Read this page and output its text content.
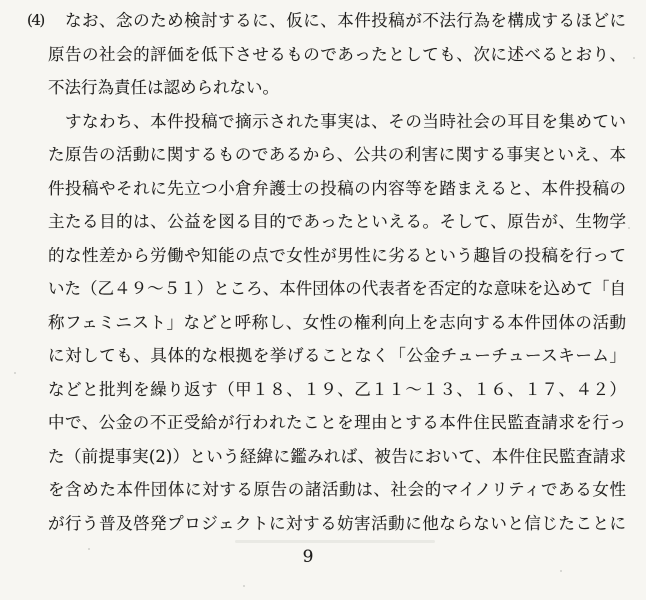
(4) なお、念のため検討するに、仮に、本件投稿が不法行為を構成するほどに
原告の社会的評価を低下させるものであったとしても、次に述べるとおり、
不法行為責任は認められない。
すなわち、本件投稿で摘示された事実は、その当時社会の耳目を集めてい
た原告の活動に関するものであるから、公共の利害に関する事実といえ、本
件投稿やそれに先立つ小倉弁護士の投稿の内容等を踏まえると、本件投稿の
主たる目的は、公益を図る目的であったといえる。そして、原告が、生物学
的な性差から労働や知能の点で女性が男性に劣るという趣旨の投稿を行って
いた（乙４９～５１）ところ、本件団体の代表者を否定的な意味を込めて「自
称フェミニスト」などと呼称し、女性の権利向上を志向する本件団体の活動
に対しても、具体的な根拠を挙げることなく「公金チューチュースキーム」
などと批判を繰り返す（甲１８、１９、乙１１～１３、１６、１７、４２）
中で、公金の不正受給が行われたことを理由とする本件住民監査請求を行っ
た（前提事実(2)）という経緯に鑑みれば、被告において、本件住民監査請求
を含めた本件団体に対する原告の諸活動は、社会的マイノリティである女性
が行う普及啓発プロジェクトに対する妨害活動に他ならないと信じたことに
9
